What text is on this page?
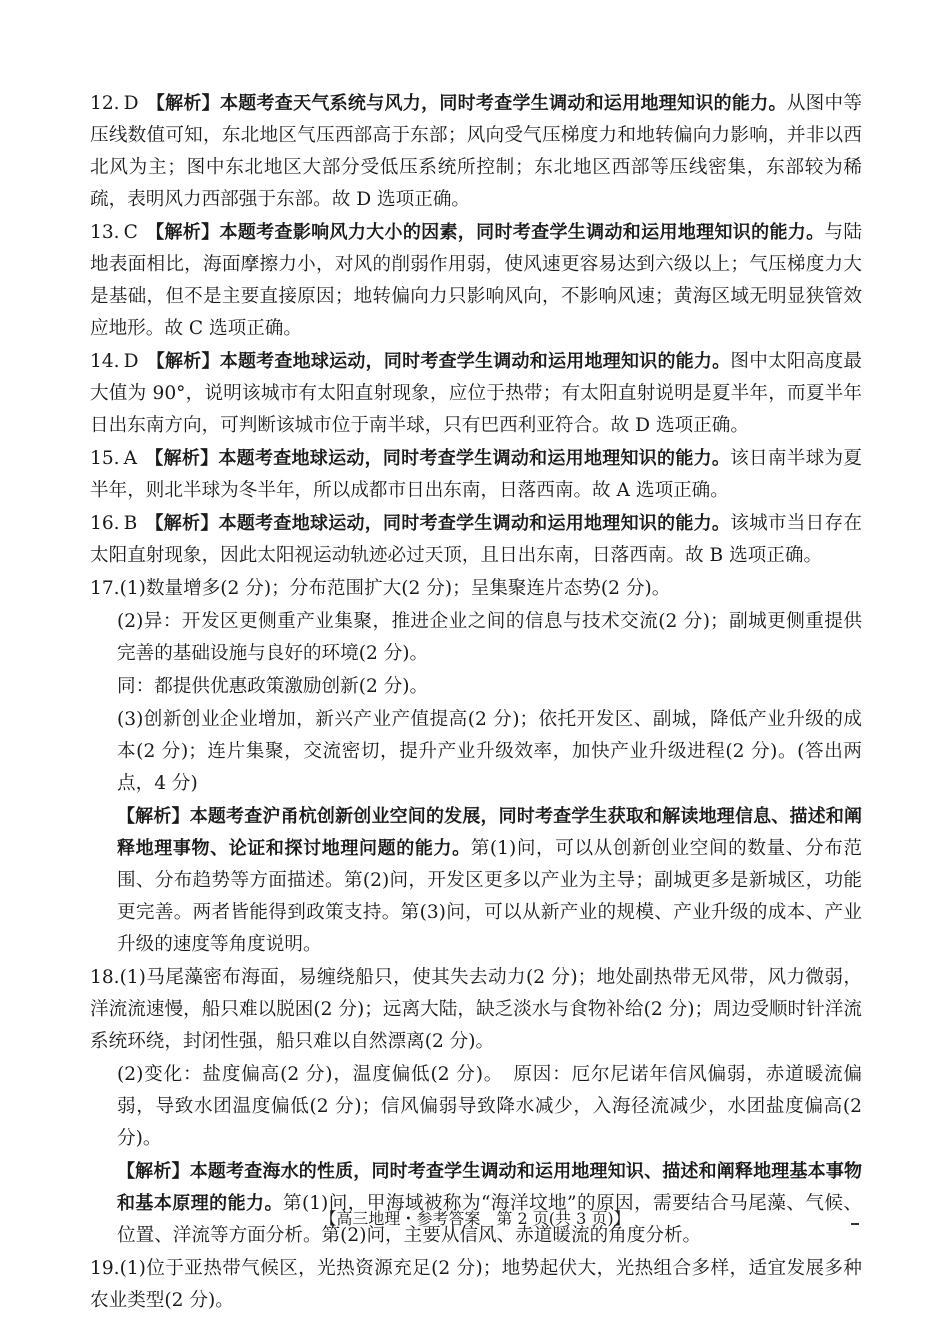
12. D 【解析】本题考查天气系统与风力，同时考查学生调动和运用地理知识的能力。从图中等压线数值可知，东北地区气压西部高于东部；风向受气压梯度力和地转偏向力影响，并非以西北风为主；图中东北地区大部分受低压系统所控制；东北地区西部等压线密集，东部较为稀疏，表明风力西部强于东部。故 D 选项正确。

13. C 【解析】本题考查影响风力大小的因素，同时考查学生调动和运用地理知识的能力。与陆地表面相比，海面摩擦力小，对风的削弱作用弱，使风速更容易达到六级以上；气压梯度力大是基础，但不是主要直接原因；地转偏向力只影响风向，不影响风速；黄海区域无明显狭管效应地形。故 C 选项正确。

14. D 【解析】本题考查地球运动，同时考查学生调动和运用地理知识的能力。图中太阳高度最大值为 90°，说明该城市有太阳直射现象，应位于热带；有太阳直射说明是夏半年，而夏半年日出东南方向，可判断该城市位于南半球，只有巴西利亚符合。故 D 选项正确。

15. A 【解析】本题考查地球运动，同时考查学生调动和运用地理知识的能力。该日南半球为夏半年，则北半球为冬半年，所以成都市日出东南，日落西南。故 A 选项正确。

16. B 【解析】本题考查地球运动，同时考查学生调动和运用地理知识的能力。该城市当日存在太阳直射现象，因此太阳视运动轨迹必过天顶，且日出东南，日落西南。故 B 选项正确。

17.(1)数量增多(2 分)；分布范围扩大(2 分)；呈集聚连片态势(2 分)。

(2)异：开发区更侧重产业集聚，推进企业之间的信息与技术交流(2 分)；副城更侧重提供完善的基础设施与良好的环境(2 分)。

同：都提供优惠政策激励创新(2 分)。

(3)创新创业企业增加，新兴产业产值提高(2 分)；依托开发区、副城，降低产业升级的成本(2 分)；连片集聚，交流密切，提升产业升级效率，加快产业升级进程(2 分)。(答出两点，4 分)

【解析】本题考查沪甬杭创新创业空间的发展，同时考查学生获取和解读地理信息、描述和阐释地理事物、论证和探讨地理问题的能力。第(1)问，可以从创新创业空间的数量、分布范围、分布趋势等方面描述。第(2)问，开发区更多以产业为主导；副城更多是新城区，功能更完善。两者皆能得到政策支持。第(3)问，可以从新产业的规模、产业升级的成本、产业升级的速度等角度说明。

18.(1)马尾藻密布海面，易缠绕船只，使其失去动力(2 分)；地处副热带无风带，风力微弱，洋流流速慢，船只难以脱困(2 分)；远离大陆，缺乏淡水与食物补给(2 分)；周边受顺时针洋流系统环绕，封闭性强，船只难以自然漂离(2 分)。

(2)变化：盐度偏高(2 分)，温度偏低(2 分)。　原因：厄尔尼诺年信风偏弱，赤道暖流偏弱，导致水团温度偏低(2 分)；信风偏弱导致降水减少，入海径流减少，水团盐度偏高(2 分)。

【解析】本题考查海水的性质，同时考查学生调动和运用地理知识、描述和阐释地理基本事物和基本原理的能力。第(1)问，甲海域被称为“海洋坟地”的原因，需要结合马尾藻、气候、位置、洋流等方面分析。第(2)问，主要从信风、赤道暖流的角度分析。

19.(1)位于亚热带气候区，光热资源充足(2 分)；地势起伏大，光热组合多样，适宜发展多种农业类型(2 分)。

【高三地理・参考答案　第 2 页(共 3 页)】
